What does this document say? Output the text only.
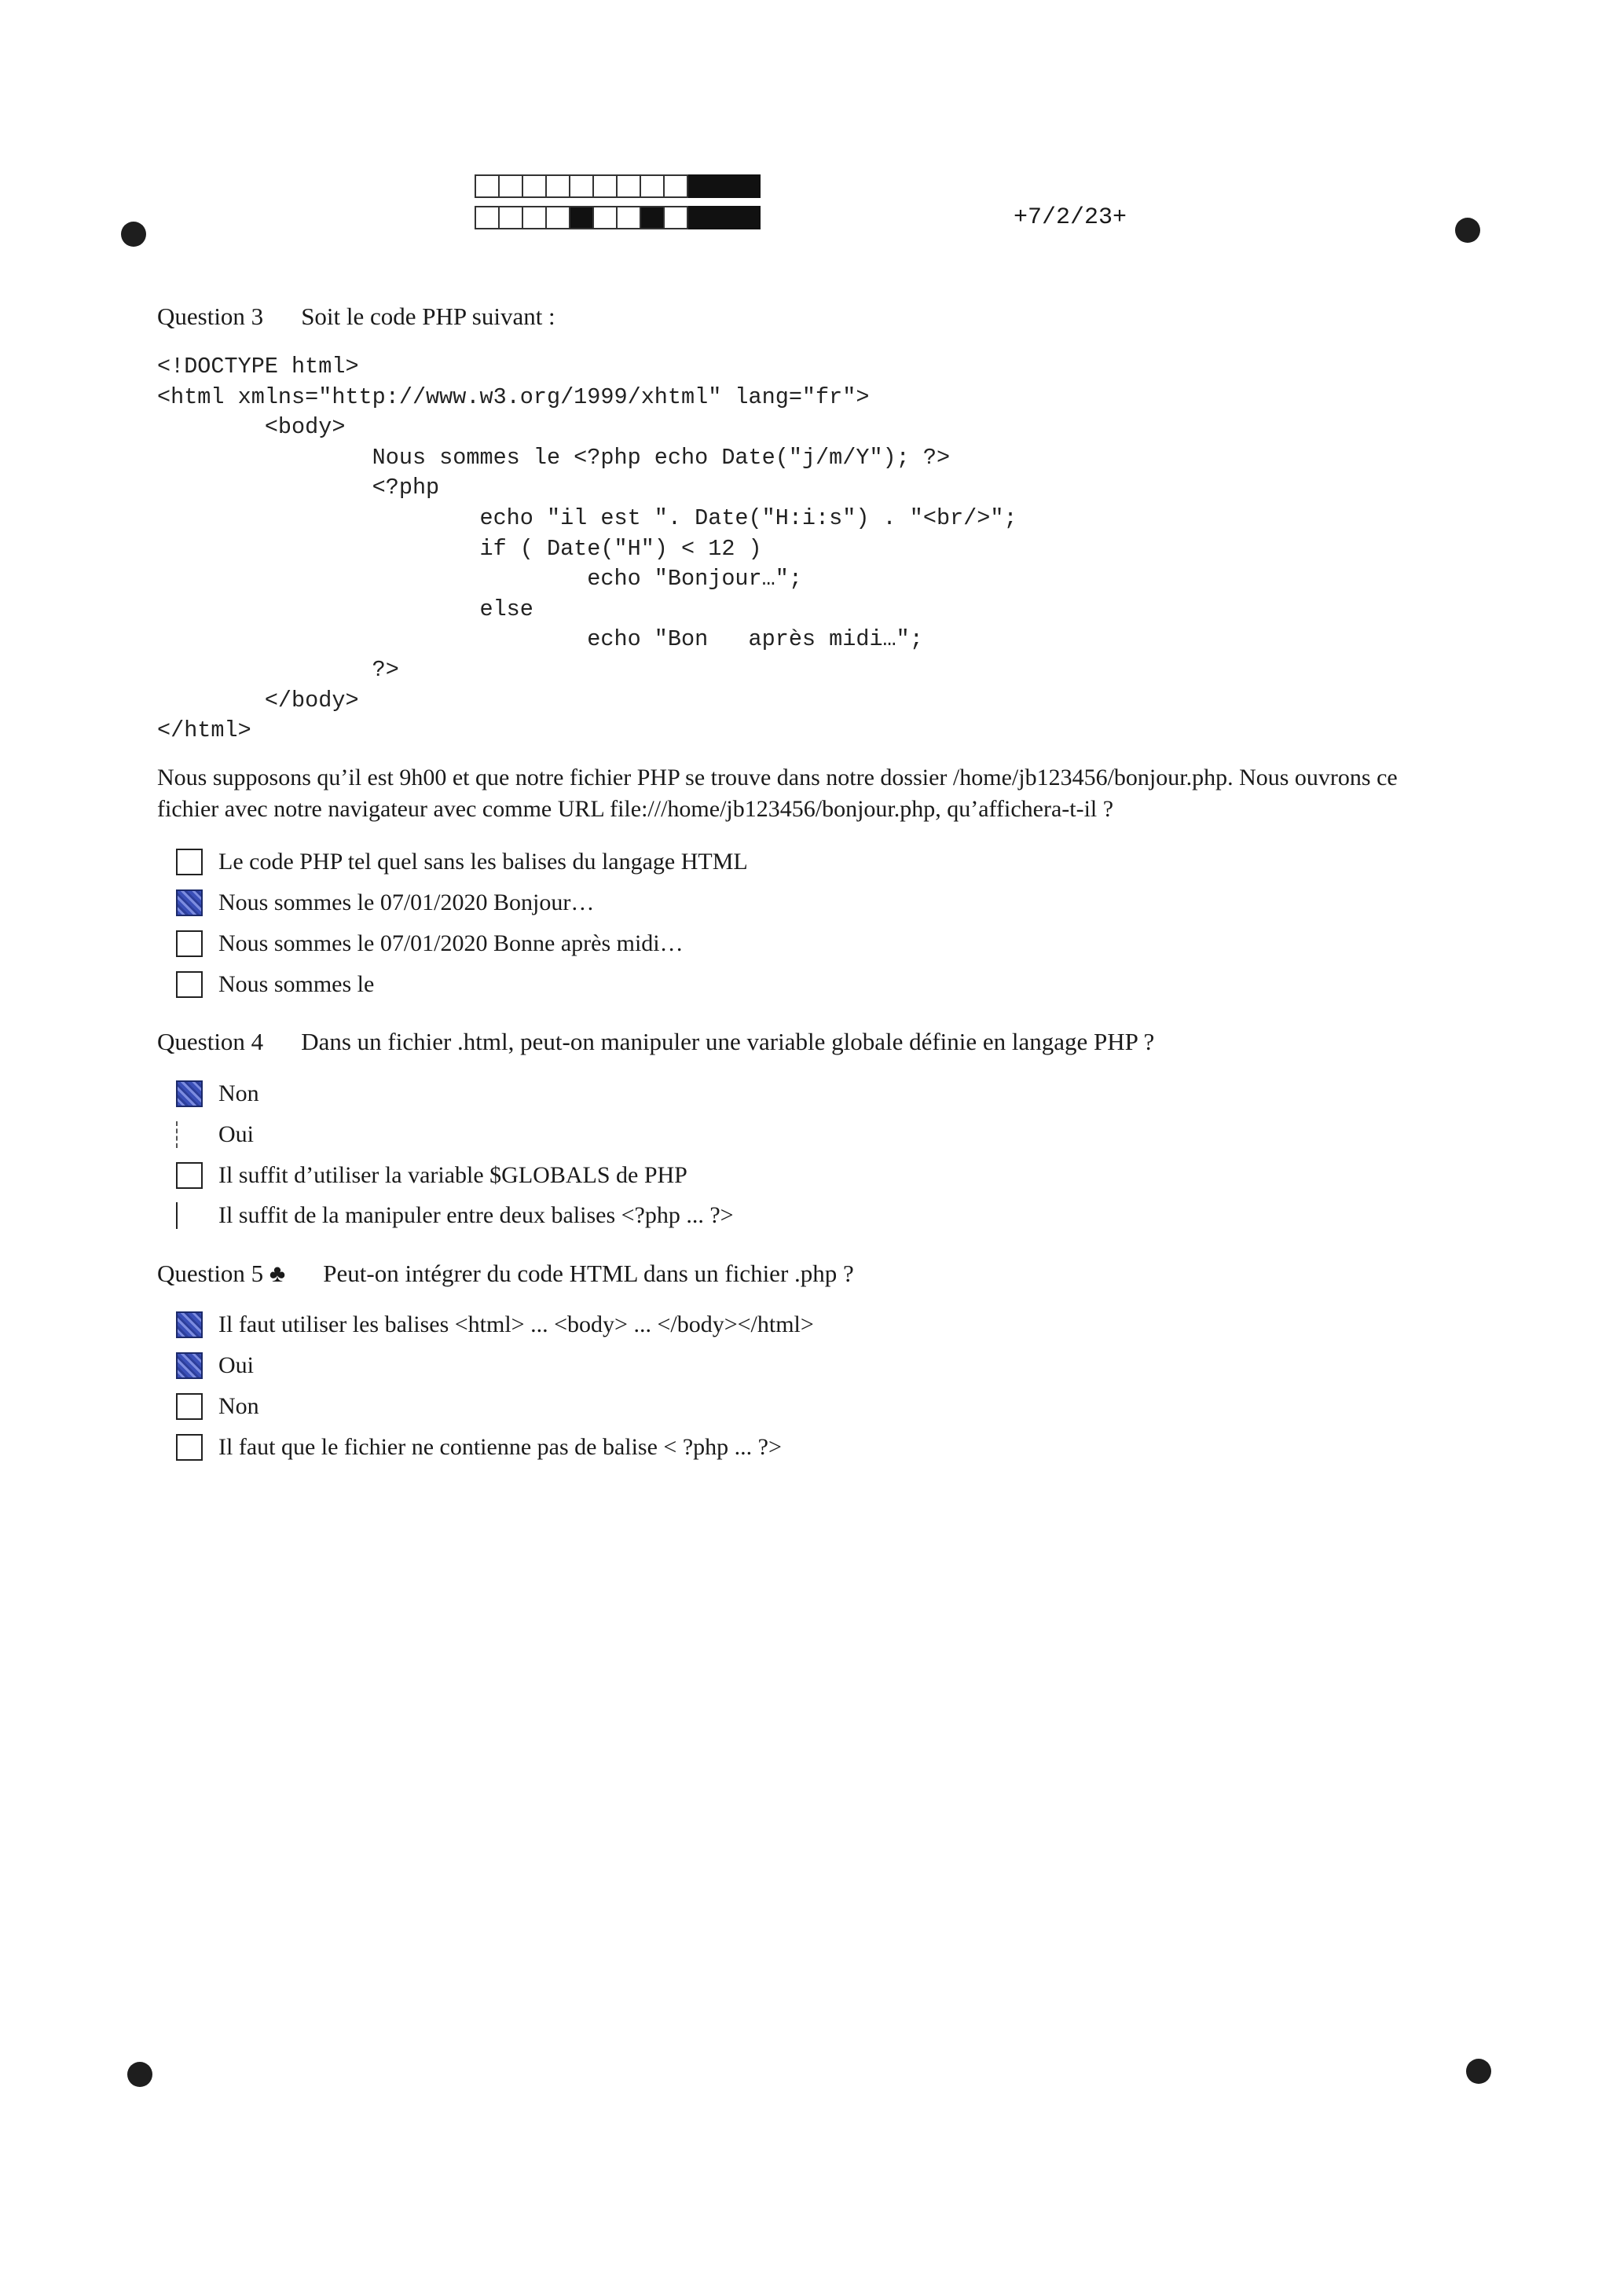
+7/2/23+
Question 3 Soit le code PHP suivant :
<!DOCTYPE html>
<html xmlns="http://www.w3.org/1999/xhtml" lang="fr">
<body>
Nous sommes le <?php echo Date("j/m/Y"); ?>
<?php
echo "il est ". Date("H:i:s") . "<br/>";
if ( Date("H") < 12 )
echo "Bonjour…";
else
echo "Bon   après midi…";
?>
</body>
</html>
Nous supposons qu’il est 9h00 et que notre fichier PHP se trouve dans notre dossier /home/jb123456/bonjour.php. Nous ouvrons ce fichier avec notre navigateur avec comme URL file:///home/jb123456/bonjour.php, qu’affichera-t-il ?
Le code PHP tel quel sans les balises du langage HTML
Nous sommes le 07/01/2020 Bonjour…
Nous sommes le 07/01/2020 Bonne après midi…
Nous sommes le
Question 4 Dans un fichier .html, peut-on manipuler une variable globale définie en langage PHP ?
Non
Oui
Il suffit d’utiliser la variable $GLOBALS de PHP
Il suffit de la manipuler entre deux balises <?php ... ?>
Question 5 ♣ Peut-on intégrer du code HTML dans un fichier .php ?
Il faut utiliser les balises <html> ... <body> ... </body></html>
Oui
Non
Il faut que le fichier ne contienne pas de balise < ?php ... ?>
